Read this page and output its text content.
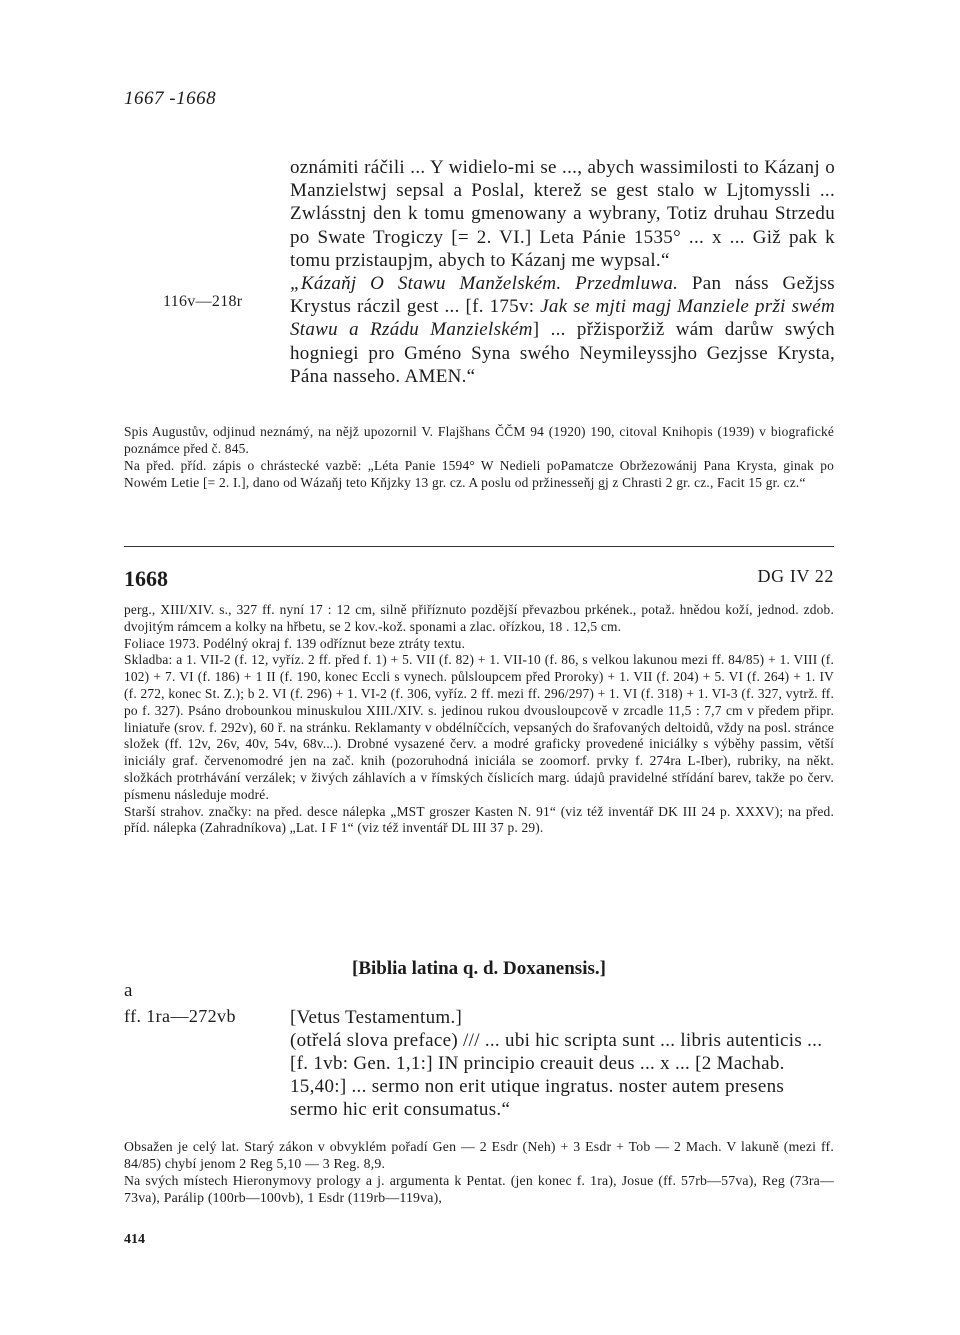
1667 -1668

oznámiti ráčili ... Y widielo-mi se ..., abych wassimilosti to Kázanj o Manzielstwj sepsal a Poslal, kterež se gest stalo w Ljtomyssli ... Zwlásstnj den k tomu gmenowany a wybrany, Totiz druhau Strzedu po Swate Trogiczy [= 2. VI.] Leta Pánie 1535° ... x ... Giž pak k tomu przistaupjm, abych to Kázanj me wypsal.“

„Kázaňj O Stawu Manželském. Przedmluwa. Pan náss Gežjss Krystus ráczil gest ... [f. 175v: Jak se mjti magj Manziele prži swém Stawu a Rzádu Manzielském] ... přžisporžiž wám darůw swých hogniegi pro Gméno Syna swého Neymileyssjho Gezjsse Krysta, Pána nasseho. AMEN.“

116v—218r

Spis Augustův, odjinud neznámý, na nějž upozornil V. Flajšhans ČČM 94 (1920) 190, citoval Knihopis (1939) v biografické poznámce před č. 845.

Na před. příd. zápis o chrástecké vazbě: „Léta Panie 1594° W Nedieli poPamatcze Obržezowánij Pana Krysta, ginak po Nowém Letie [= 2. I.], dano od Wázaňj teto Kňjzky 13 gr. cz. A poslu od pržinesseňj gj z Chrasti 2 gr. cz., Facit 15 gr. cz.“

1668	DG IV 22

perg., XIII/XIV. s., 327 ff. nyní 17 : 12 cm, silně přiříznuto pozdější převazbou prkének., potaž. hnědou koží, jednod. zdob. dvojitým rámcem a kolky na hřbetu, se 2 kov.-kož. sponami a zlac. ořízkou, 18 . 12,5 cm.

Foliace 1973. Podélný okraj f. 139 odříznut beze ztráty textu.

Skladba: a 1. VII-2 (f. 12, vyříz. 2 ff. před f. 1) + 5. VII (f. 82) + 1. VII-10 (f. 86, s velkou lakunou mezi ff. 84/85) + 1. VIII (f. 102) + 7. VI (f. 186) + 1 II (f. 190, konec Eccli s vynech. půlsloupcem před Proroky) + 1. VII (f. 204) + 5. VI (f. 264) + 1. IV (f. 272, konec St. Z.); b 2. VI (f. 296) + 1. VI-2 (f. 306, vyříz. 2 ff. mezi ff. 296/297) + 1. VI (f. 318) + 1. VI-3 (f. 327, vytrž. ff. po f. 327). Psáno drobounkou minuskulou XIII./XIV. s. jedinou rukou dvousloupcově v zrcadle 11,5 : 7,7 cm v předem připr. liniatuře (srov. f. 292v), 60 ř. na stránku. Reklamanty v obdélníčcích, vepsaných do šrafovaných deltoidů, vždy na posl. stránce složek (ff. 12v, 26v, 40v, 54v, 68v...). Drobné vysazené červ. a modré graficky provedené iniciálky s výběhy passim, větší iniciály graf. červenomodré jen na zač. knih (pozoruhodná iniciála se zoomorf. prvky f. 274ra L-Iber), rubriky, na někt. složkách protrhávání verzálek; v živých záhlavích a v římských číslicích marg. údajů pravidelné střídání barev, takže po červ. písmenu následuje modré.

Starší strahov. značky: na před. desce nálepka „MST groszer Kasten N. 91“ (viz též inventář DK III 24 p. XXXV); na před. příd. nálepka (Zahradníkova) „Lat. I F 1“ (viz též inventář DL III 37 p. 29).

[Biblia latina q. d. Doxanensis.]
a
ff. 1ra—272vb	[Vetus Testamentum.]

(otřelá slova preface) /// ... ubi hic scripta sunt ... libris autenticis ... [f. 1vb: Gen. 1,1:] IN principio creauit deus ... x ... [2 Machab. 15,40:] ... sermo non erit utique ingratus. noster autem presens sermo hic erit consumatus.“

Obsažen je celý lat. Starý zákon v obvyklém pořadí Gen — 2 Esdr (Neh) + 3 Esdr + Tob — 2 Mach. V lakuně (mezi ff. 84/85) chybí jenom 2 Reg 5,10 — 3 Reg. 8,9.

Na svých místech Hieronymovy prology a j. argumenta k Pentat. (jen konec f. 1ra), Josue (ff. 57rb—57va), Reg (73ra—73va), Parálip (100rb—100vb), 1 Esdr (119rb—119va),

414
